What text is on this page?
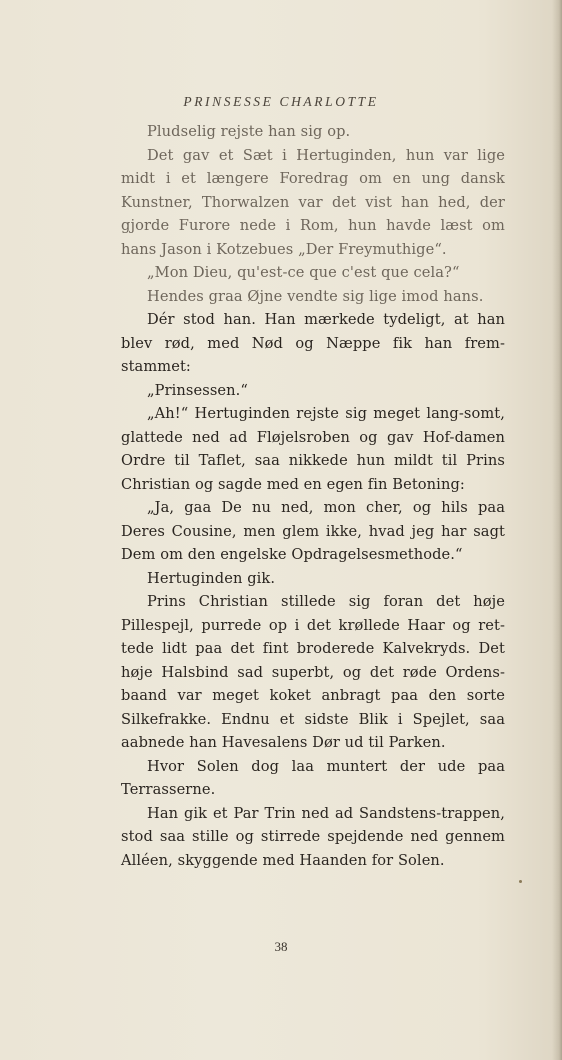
PRINSESSE CHARLOTTE

Pludselig rejste han sig op.

Det gav et Sæt i Hertuginden, hun var lige midt i et længere Foredrag om en ung dansk Kunstner, Thorwalzen var det vist han hed, der gjorde Furore nede i Rom, hun havde læst om hans Jason i Kotzebues „Der Freymuthige“.

„Mon Dieu, qu'est-ce que c'est que cela?“

Hendes graa Øjne vendte sig lige imod hans.

Dér stod han. Han mærkede tydeligt, at han blev rød, med Nød og Næppe fik han frem-stammet:

„Prinsessen.“

„Ah!“ Hertuginden rejste sig meget lang-somt, glattede ned ad Fløjelsroben og gav Hof-damen Ordre til Taflet, saa nikkede hun mildt til Prins Christian og sagde med en egen fin Betoning:

„Ja, gaa De nu ned, mon cher, og hils paa Deres Cousine, men glem ikke, hvad jeg har sagt Dem om den engelske Opdragelsesmethode.“

Hertuginden gik.

Prins Christian stillede sig foran det høje Pillespejl, purrede op i det krøllede Haar og ret-tede lidt paa det fint broderede Kalvekryds. Det høje Halsbind sad superbt, og det røde Ordens-baand var meget koket anbragt paa den sorte Silkefrakke. Endnu et sidste Blik i Spejlet, saa aabnede han Havesalens Dør ud til Parken.

Hvor Solen dog laa muntert der ude paa Terrasserne.

Han gik et Par Trin ned ad Sandstens-trappen, stod saa stille og stirrede spejdende ned gennem Alléen, skyggende med Haanden for Solen.

38
